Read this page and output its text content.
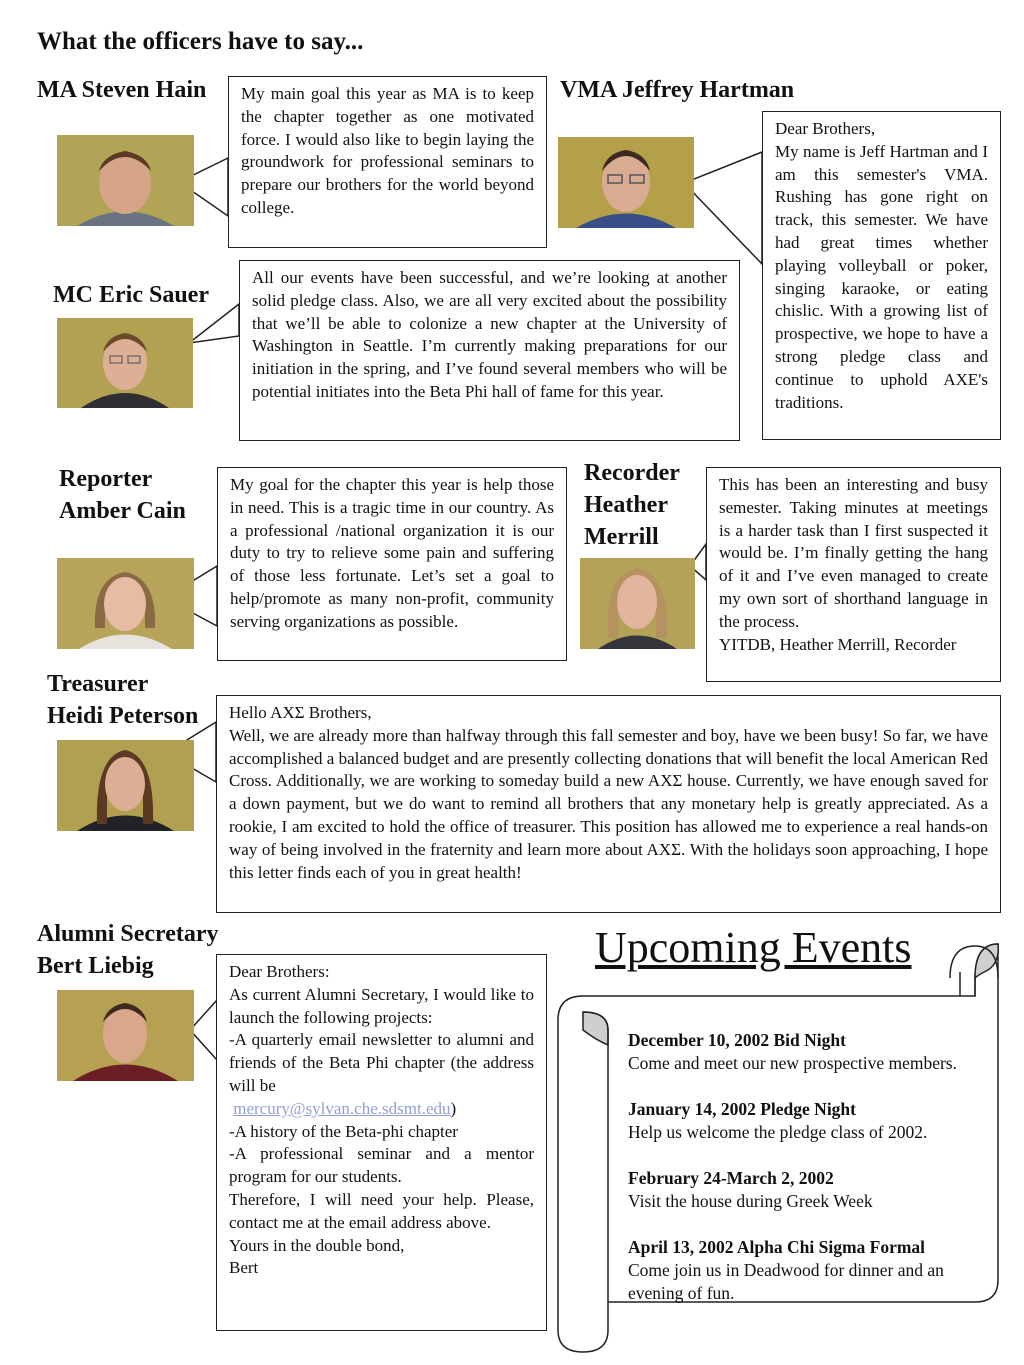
What the officers have to say...
MA Steven Hain My main goal this year as MA is to keep the chapter together as one motivated force. I would also like to begin laying the groundwork for professional seminars to prepare our brothers for the world beyond college.

VMA Jeffrey Hartman

Dear Brothers,

My name is Jeff Hartman and I am this semester's VMA. Rushing has gone right on track, this semester. We have had great times whether playing volleyball or poker, singing karaoke, or eating chislic. With a growing list of prospective, we hope to have a strong pledge class and continue to uphold AXE's traditions.

MC Eric Sauer

All our events have been successful, and we’re looking at another solid pledge class. Also, we are all very excited about the possibility that we’ll be able to colonize a new chapter at the University of Washington in Seattle. I’m currently making preparations for our initiation in the spring, and I’ve found several members who will be potential initiates into the Beta Phi hall of fame for this year.

Reporter
Amber Cain

My goal for the chapter this year is help those in need. This is a tragic time in our country. As a professional /national organization it is our duty to try to relieve some pain and suffering of those less fortunate. Let’s set a goal to help/promote as many non-profit, community serving organizations as possible.

Recorder
Heather
Merrill

This has been an interesting and busy semester. Taking minutes at meetings is a harder task than I first suspected it would be. I’m finally getting the hang of it and I’ve even managed to create my own sort of shorthand language in the process.

YITDB, Heather Merrill, Recorder

Treasurer
Heidi Peterson Hello AXΣ Brothers,

Well, we are already more than halfway through this fall semester and boy, have we been busy! So far, we have accomplished a balanced budget and are presently collecting donations that will benefit the local American Red Cross. Additionally, we are working to someday build a new AXΣ house. Currently, we have enough saved for a down payment, but we do want to remind all brothers that any monetary help is greatly appreciated. As a rookie, I am excited to hold the office of treasurer. This position has allowed me to experience a real hands-on way of being involved in the fraternity and learn more about AXΣ. With the holidays soon approaching, I hope this letter finds each of you in great health!

Alumni Secretary
Bert Liebig	Dear Brothers:

As current Alumni Secretary, I would like to launch the following projects:

-A quarterly email newsletter to alumni and friends of the Beta Phi chapter (the address will be

mercury@sylvan.che.sdsmt.edu)

-A history of the Beta-phi chapter

-A professional seminar and a mentor program for our students.

Therefore, I will need your help. Please, contact me at the email address above.

Yours in the double bond,

Bert

Upcoming Events
December 10, 2002 Bid Night
Come and meet our new prospective members.
January 14, 2002 Pledge Night
Help us welcome the pledge class of 2002.
February 24-March 2, 2002
Visit the house during Greek Week
April 13, 2002 Alpha Chi Sigma Formal
Come join us in Deadwood for dinner and an evening of fun.
